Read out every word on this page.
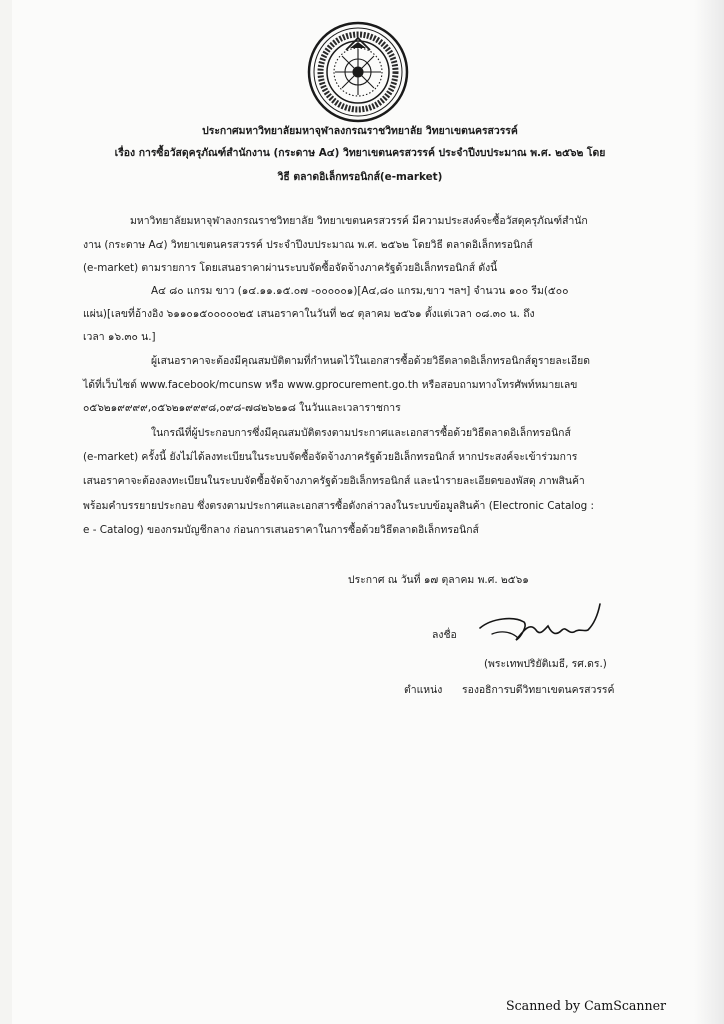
ประกาศมหาวิทยาลัยมหาจุฬาลงกรณราชวิทยาลัย วิทยาเขตนครสวรรค์

เรื่อง การซื้อวัสดุครุภัณฑ์สำนักงาน (กระดาษ A๔) วิทยาเขตนครสวรรค์ ประจำปีงบประมาณ พ.ศ. ๒๕๖๒ โดย

วิธี ตลาดอิเล็กทรอนิกส์(e-market)

มหาวิทยาลัยมหาจุฬาลงกรณราชวิทยาลัย วิทยาเขตนครสวรรค์ มีความประสงค์จะซื้อวัสดุครุภัณฑ์สำนัก

งาน (กระดาษ A๔) วิทยาเขตนครสวรรค์ ประจำปีงบประมาณ พ.ศ. ๒๕๖๒ โดยวิธี ตลาดอิเล็กทรอนิกส์

(e-market) ตามรายการ โดยเสนอราคาผ่านระบบจัดซื้อจัดจ้างภาครัฐด้วยอิเล็กทรอนิกส์ ดังนี้

A๔ ๘๐ แกรม ขาว (๑๔.๑๑.๑๕.๐๗ -๐๐๐๐๐๑)[A๔,๘๐ แกรม,ขาว ฯลฯ] จำนวน ๑๐๐ รีม(๕๐๐

แผ่น)[เลขที่อ้างอิง ๖๑๑๐๑๕๐๐๐๐๐๒๕ เสนอราคาในวันที่ ๒๔ ตุลาคม ๒๕๖๑ ตั้งแต่เวลา ๐๘.๓๐ น. ถึง

เวลา ๑๖.๓๐ น.]

ผู้เสนอราคาจะต้องมีคุณสมบัติตามที่กำหนดไว้ในเอกสารซื้อด้วยวิธีตลาดอิเล็กทรอนิกส์ดูรายละเอียด

ได้ที่เว็บไซต์ www.facebook/mcunsw หรือ www.gprocurement.go.th หรือสอบถามทางโทรศัพท์หมายเลข

๐๕๖๒๑๙๙๙๙,๐๕๖๒๑๙๙๙๘,๐๙๘-๗๘๒๖๒๑๘ ในวันและเวลาราชการ

ในกรณีที่ผู้ประกอบการซึ่งมีคุณสมบัติตรงตามประกาศและเอกสารซื้อด้วยวิธีตลาดอิเล็กทรอนิกส์

(e-market) ครั้งนี้ ยังไม่ได้ลงทะเบียนในระบบจัดซื้อจัดจ้างภาครัฐด้วยอิเล็กทรอนิกส์ หากประสงค์จะเข้าร่วมการ

เสนอราคาจะต้องลงทะเบียนในระบบจัดซื้อจัดจ้างภาครัฐด้วยอิเล็กทรอนิกส์ และนำรายละเอียดของพัสดุ ภาพสินค้า

พร้อมคำบรรยายประกอบ ซึ่งตรงตามประกาศและเอกสารซื้อดังกล่าวลงในระบบข้อมูลสินค้า (Electronic Catalog :

e - Catalog) ของกรมบัญชีกลาง ก่อนการเสนอราคาในการซื้อด้วยวิธีตลาดอิเล็กทรอนิกส์

ประกาศ ณ วันที่ ๑๗ ตุลาคม พ.ศ. ๒๕๖๑

ลงชื่อ

(พระเทพปริยัติเมธี, รศ.ดร.)

ตำแหน่ง รองอธิการบดีวิทยาเขตนครสวรรค์

Scanned by CamScanner
